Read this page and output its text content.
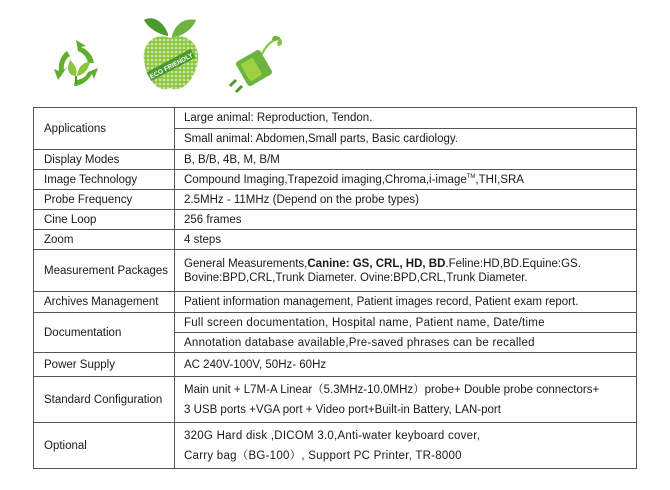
ECO FRIENDLY
Applications	Large animal: Reproduction, Tendon.
	Small animal: Abdomen,Small parts, Basic cardiology.
Display Modes	B, B/B, 4B, M, B/M
Image Technology	Compound Imaging,Trapezoid imaging,Chroma,i-image™,THI,SRA
Probe Frequency	2.5MHz - 11MHz (Depend on the probe types)
Cine Loop	256 frames
Zoom	4 steps
Measurement Packages	General Measurements,Canine: GS, CRL, HD, BD.Feline:HD,BD.Equine:GS.
Bovine:BPD,CRL,Trunk Diameter. Ovine:BPD,CRL,Trunk Diameter.

Archives Management	Patient information management, Patient images record, Patient exam report.
Documentation	Full screen documentation, Hospital name, Patient name, Date/time
	Annotation database available,Pre-saved phrases can be recalled
Power Supply	AC 240V-100V, 50Hz- 60Hz
Standard Configuration	Main unit + L7M-A Linear（5.3MHz-10.0MHz）probe+ Double probe connectors+
3 USB ports +VGA port + Video port+Built-in Battery, LAN-port

Optional	320G Hard disk ,DICOM 3.0,Anti-water keyboard cover,
Carry bag（BG-100）, Support PC Printer, TR-8000
